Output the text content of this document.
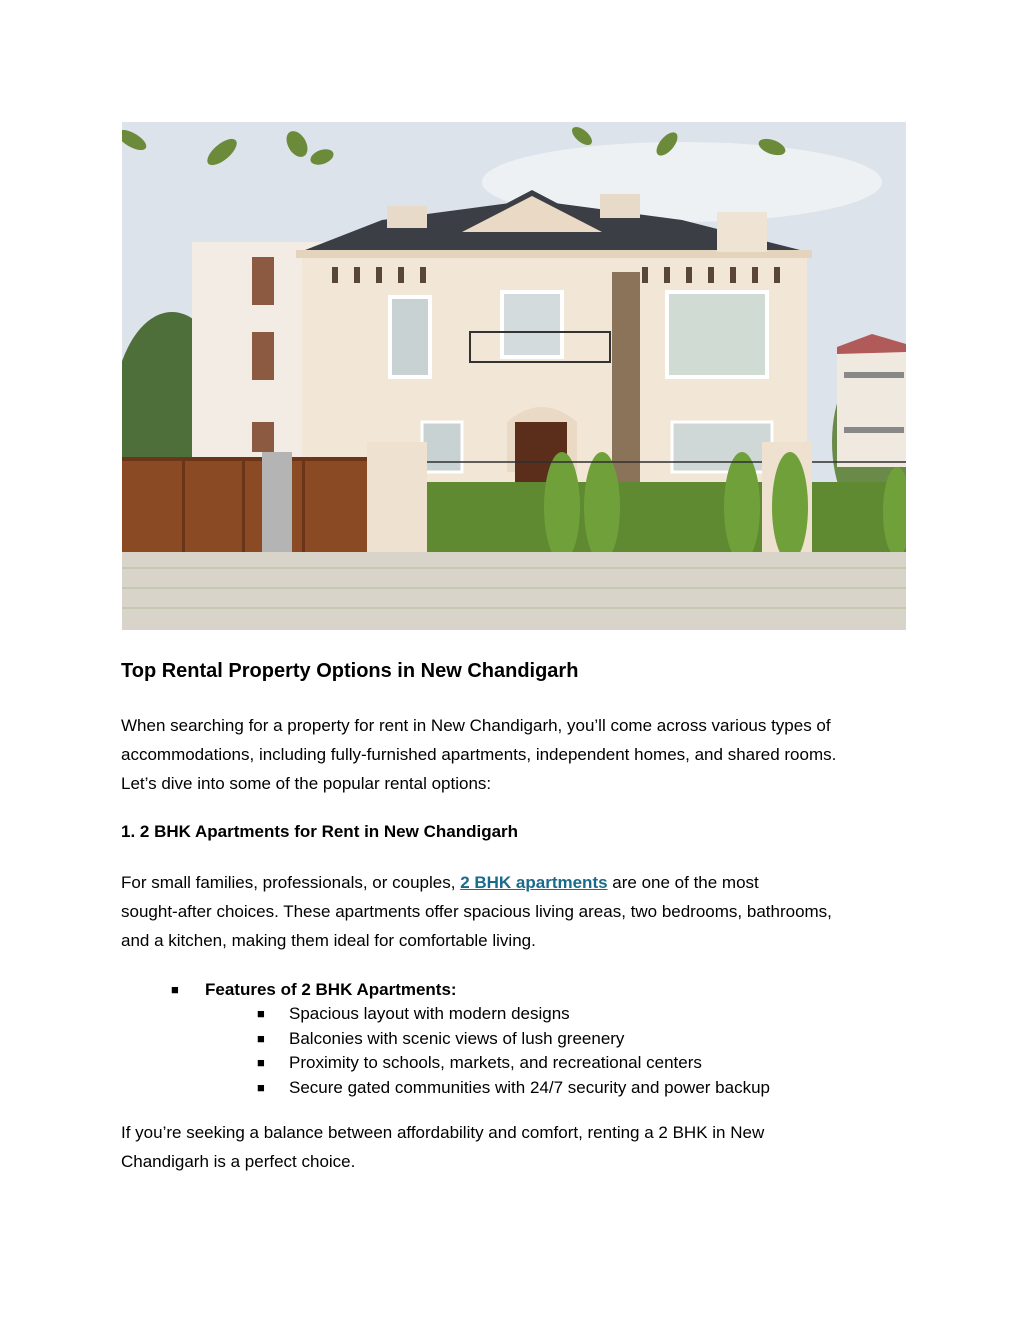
Top Rental Property Options in New Chandigarh

When searching for a property for rent in New Chandigarh, you’ll come across various types of
accommodations, including fully-furnished apartments, independent homes, and shared rooms.
Let’s dive into some of the popular rental options:

1. 2 BHK Apartments for Rent in New Chandigarh

For small families, professionals, or couples, 2 BHK apartments are one of the most
sought-after choices. These apartments offer spacious living areas, two bedrooms, bathrooms,
and a kitchen, making them ideal for comfortable living.

■ Features of 2 BHK Apartments:
■ Spacious layout with modern designs
■ Balconies with scenic views of lush greenery
■ Proximity to schools, markets, and recreational centers
■ Secure gated communities with 24/7 security and power backup

If you’re seeking a balance between affordability and comfort, renting a 2 BHK in New
Chandigarh is a perfect choice.
